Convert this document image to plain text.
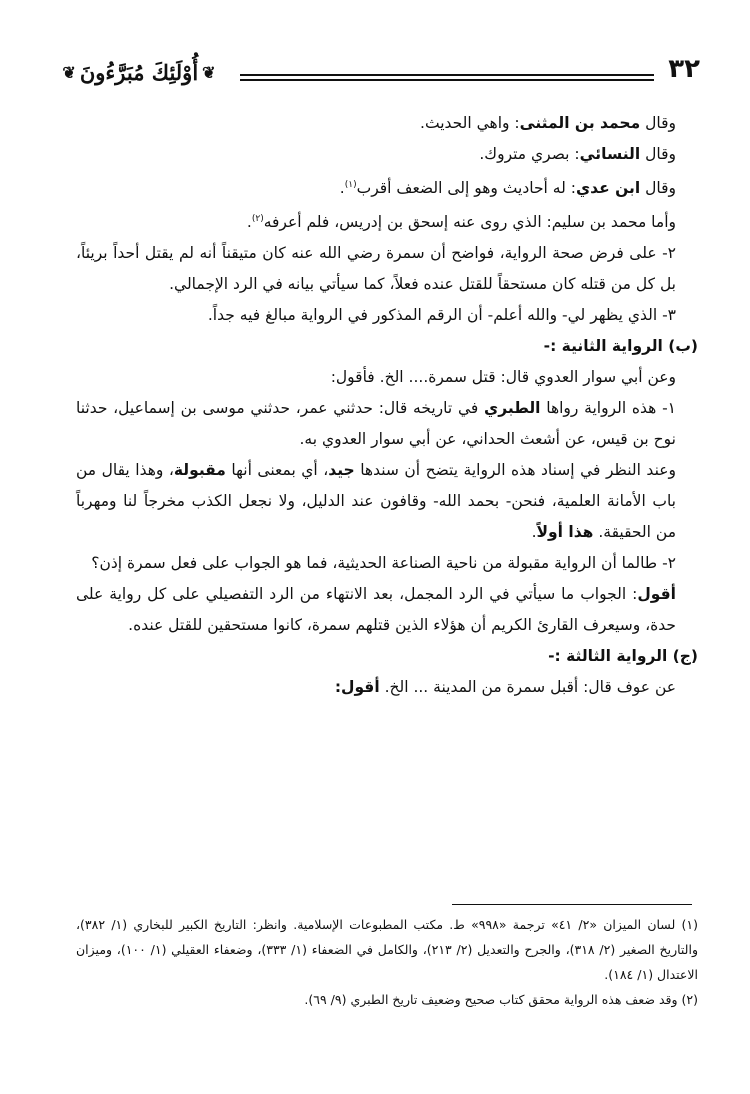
❦ أُوْلَئِكَ مُبَرَّءُونَ ❦	٣٢

وقال محمد بن المثنى: واهي الحديث.

وقال النسائي: بصري متروك.

وقال ابن عدي: له أحاديث وهو إلى الضعف أقرب$^{(١)}$.

وأما محمد بن سليم: الذي روى عنه إسحق بن إدريس، فلم أعرفه$^{(٢)}$.

٢- على فرض صحة الرواية، فواضح أن سمرة رضي الله عنه كان متيقناً أنه لم يقتل أحداً بريئاً، بل كل من قتله كان مستحقاً للقتل عنده فعلاً، كما سيأتي بيانه في الرد الإجمالي.

٣- الذي يظهر لي- والله أعلم- أن الرقم المذكور في الرواية مبالغ فيه جداً.

(ب) الرواية الثانية :-

وعن أبي سوار العدوي قال: قتل سمرة.... الخ. فأقول:

١- هذه الرواية رواها الطبري في تاريخه قال: حدثني عمر، حدثني موسى بن إسماعيل، حدثنا نوح بن قيس، عن أشعث الحداني، عن أبي سوار العدوي به.

وعند النظر في إسناد هذه الرواية يتضح أن سندها جيد، أي بمعنى أنها مقبولة، وهذا يقال من باب الأمانة العلمية، فنحن- بحمد الله- وقافون عند الدليل، ولا نجعل الكذب مخرجاً لنا ومهرباً من الحقيقة. هذا أولاً.

٢- طالما أن الرواية مقبولة من ناحية الصناعة الحديثية، فما هو الجواب على فعل سمرة إذن؟

أقول: الجواب ما سيأتي في الرد المجمل، بعد الانتهاء من الرد التفصيلي على كل رواية على حدة، وسيعرف القارئ الكريم أن هؤلاء الذين قتلهم سمرة، كانوا مستحقين للقتل عنده.

(ج) الرواية الثالثة :-

عن عوف قال: أقبل سمرة من المدينة ... الخ. أقول:

(١) لسان الميزان «٢/ ٤١» ترجمة «٩٩٨» ط. مكتب المطبوعات الإسلامية. وانظر: التاريخ الكبير للبخاري (١/ ٣٨٢)، والتاريخ الصغير (٢/ ٣١٨)، والجرح والتعديل (٢/ ٢١٣)، والكامل في الضعفاء (١/ ٣٣٣)، وضعفاء العقيلي (١/ ١٠٠)، وميزان الاعتدال (١/ ١٨٤).

(٢) وقد ضعف هذه الرواية محقق كتاب صحيح وضعيف تاريخ الطبري (٩/ ٦٩).
